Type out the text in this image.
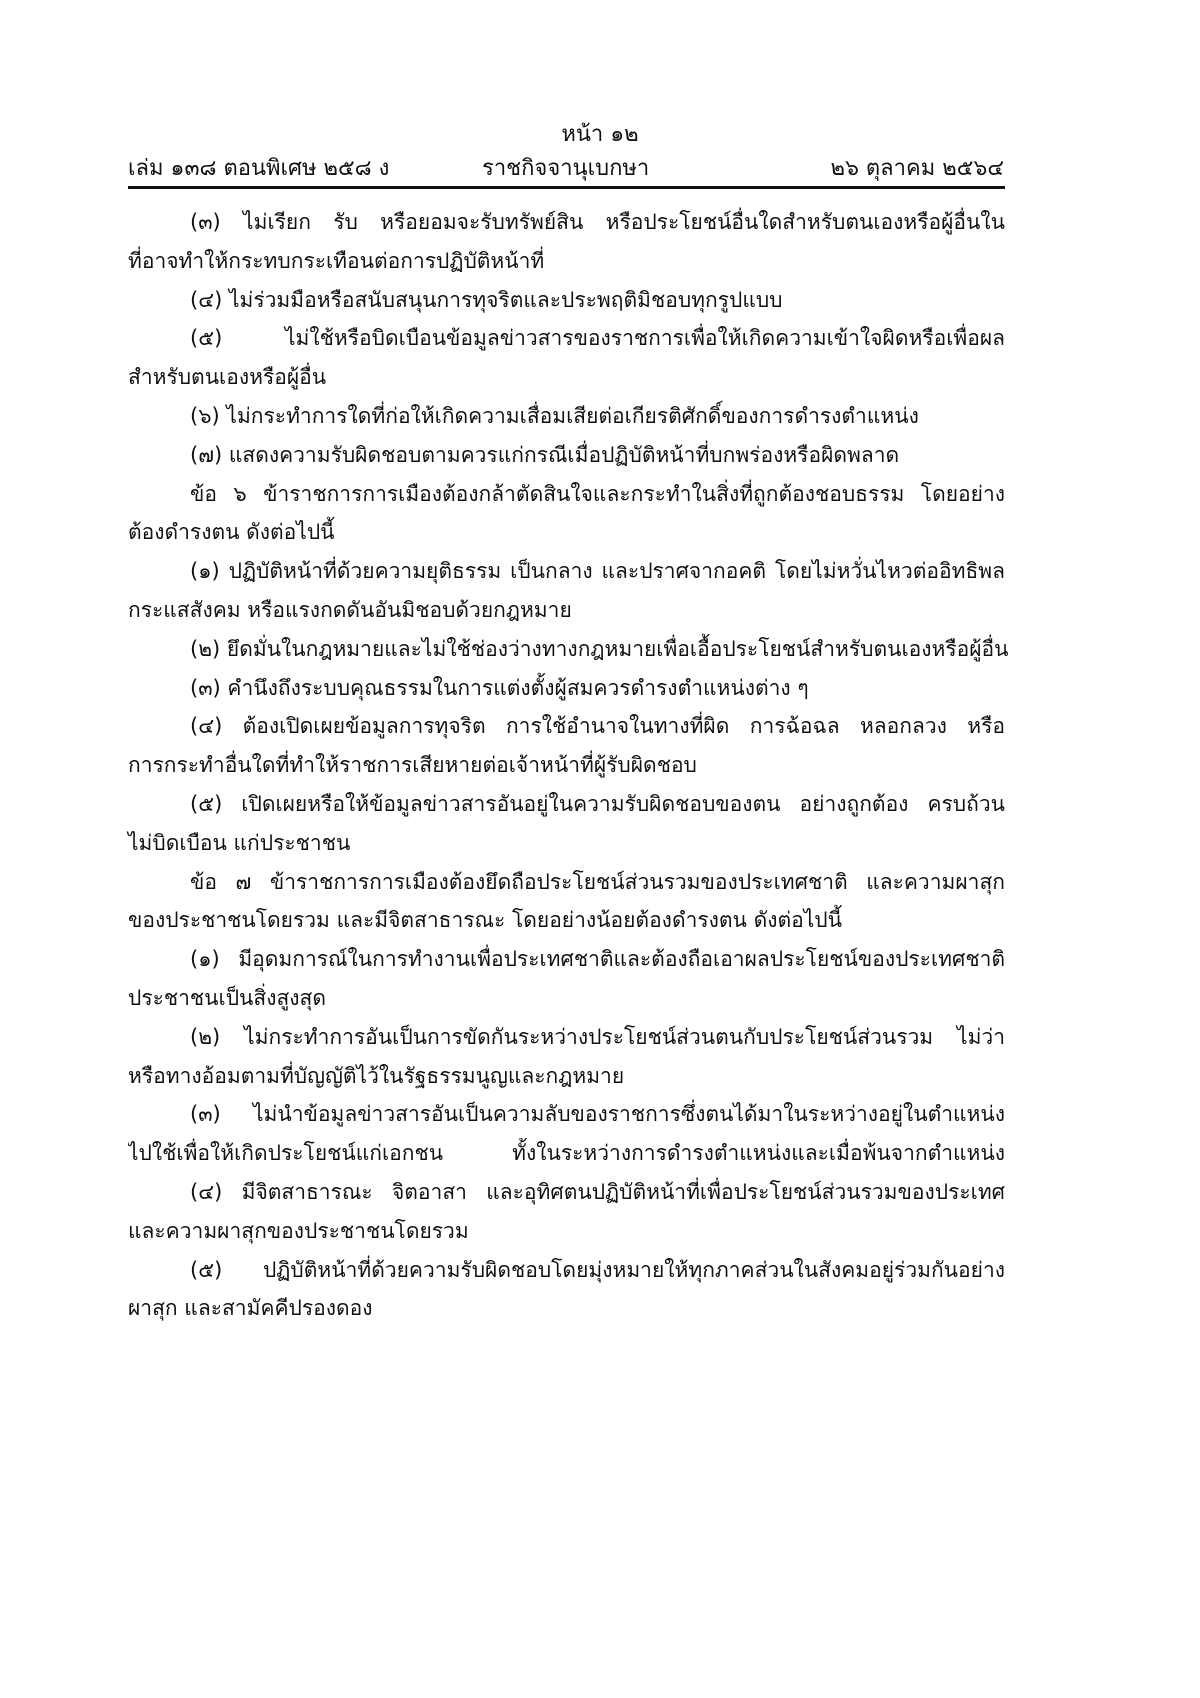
หน้า ๑๒
เล่ม ๑๓๘ ตอนพิเศษ ๒๕๘ ง	ราชกิจจานุเบกษา	๒๖ ตุลาคม ๒๕๖๔
(๓) ไม่เรียก รับ หรือยอมจะรับทรัพย์สิน หรือประโยชน์อื่นใดสำหรับตนเองหรือผู้อื่นใน
ที่อาจทำให้กระทบกระเทือนต่อการปฏิบัติหน้าที่
(๔) ไม่ร่วมมือหรือสนับสนุนการทุจริตและประพฤติมิชอบทุกรูปแบบ
(๕) ไม่ใช้หรือบิดเบือนข้อมูลข่าวสารของราชการเพื่อให้เกิดความเข้าใจผิดหรือเพื่อผล
สำหรับตนเองหรือผู้อื่น
(๖) ไม่กระทำการใดที่ก่อให้เกิดความเสื่อมเสียต่อเกียรติศักดิ์ของการดำรงตำแหน่ง
(๗) แสดงความรับผิดชอบตามควรแก่กรณีเมื่อปฏิบัติหน้าที่บกพร่องหรือผิดพลาด
ข้อ ๖ ข้าราชการการเมืองต้องกล้าตัดสินใจและกระทำในสิ่งที่ถูกต้องชอบธรรม โดยอย่าง
ต้องดำรงตน ดังต่อไปนี้
(๑) ปฏิบัติหน้าที่ด้วยความยุติธรรม เป็นกลาง และปราศจากอคติ โดยไม่หวั่นไหวต่ออิทธิพล
กระแสสังคม หรือแรงกดดันอันมิชอบด้วยกฎหมาย
(๒) ยึดมั่นในกฎหมายและไม่ใช้ช่องว่างทางกฎหมายเพื่อเอื้อประโยชน์สำหรับตนเองหรือผู้อื่น
(๓) คำนึงถึงระบบคุณธรรมในการแต่งตั้งผู้สมควรดำรงตำแหน่งต่าง ๆ
(๔) ต้องเปิดเผยข้อมูลการทุจริต การใช้อำนาจในทางที่ผิด การฉ้อฉล หลอกลวง หรือ
การกระทำอื่นใดที่ทำให้ราชการเสียหายต่อเจ้าหน้าที่ผู้รับผิดชอบ
(๕) เปิดเผยหรือให้ข้อมูลข่าวสารอันอยู่ในความรับผิดชอบของตน อย่างถูกต้อง ครบถ้วน
ไม่บิดเบือน แก่ประชาชน
ข้อ ๗ ข้าราชการการเมืองต้องยึดถือประโยชน์ส่วนรวมของประเทศชาติ และความผาสุก
ของประชาชนโดยรวม และมีจิตสาธารณะ โดยอย่างน้อยต้องดำรงตน ดังต่อไปนี้
(๑) มีอุดมการณ์ในการทำงานเพื่อประเทศชาติและต้องถือเอาผลประโยชน์ของประเทศชาติ
ประชาชนเป็นสิ่งสูงสุด
(๒) ไม่กระทำการอันเป็นการขัดกันระหว่างประโยชน์ส่วนตนกับประโยชน์ส่วนรวม ไม่ว่า
หรือทางอ้อมตามที่บัญญัติไว้ในรัฐธรรมนูญและกฎหมาย
(๓) ไม่นำข้อมูลข่าวสารอันเป็นความลับของราชการซึ่งตนได้มาในระหว่างอยู่ในตำแหน่ง
ไปใช้เพื่อให้เกิดประโยชน์แก่เอกชน ทั้งในระหว่างการดำรงตำแหน่งและเมื่อพ้นจากตำแหน่ง
(๔) มีจิตสาธารณะ จิตอาสา และอุทิศตนปฏิบัติหน้าที่เพื่อประโยชน์ส่วนรวมของประเทศ
และความผาสุกของประชาชนโดยรวม
(๕) ปฏิบัติหน้าที่ด้วยความรับผิดชอบโดยมุ่งหมายให้ทุกภาคส่วนในสังคมอยู่ร่วมกันอย่าง
ผาสุก และสามัคคีปรองดอง
